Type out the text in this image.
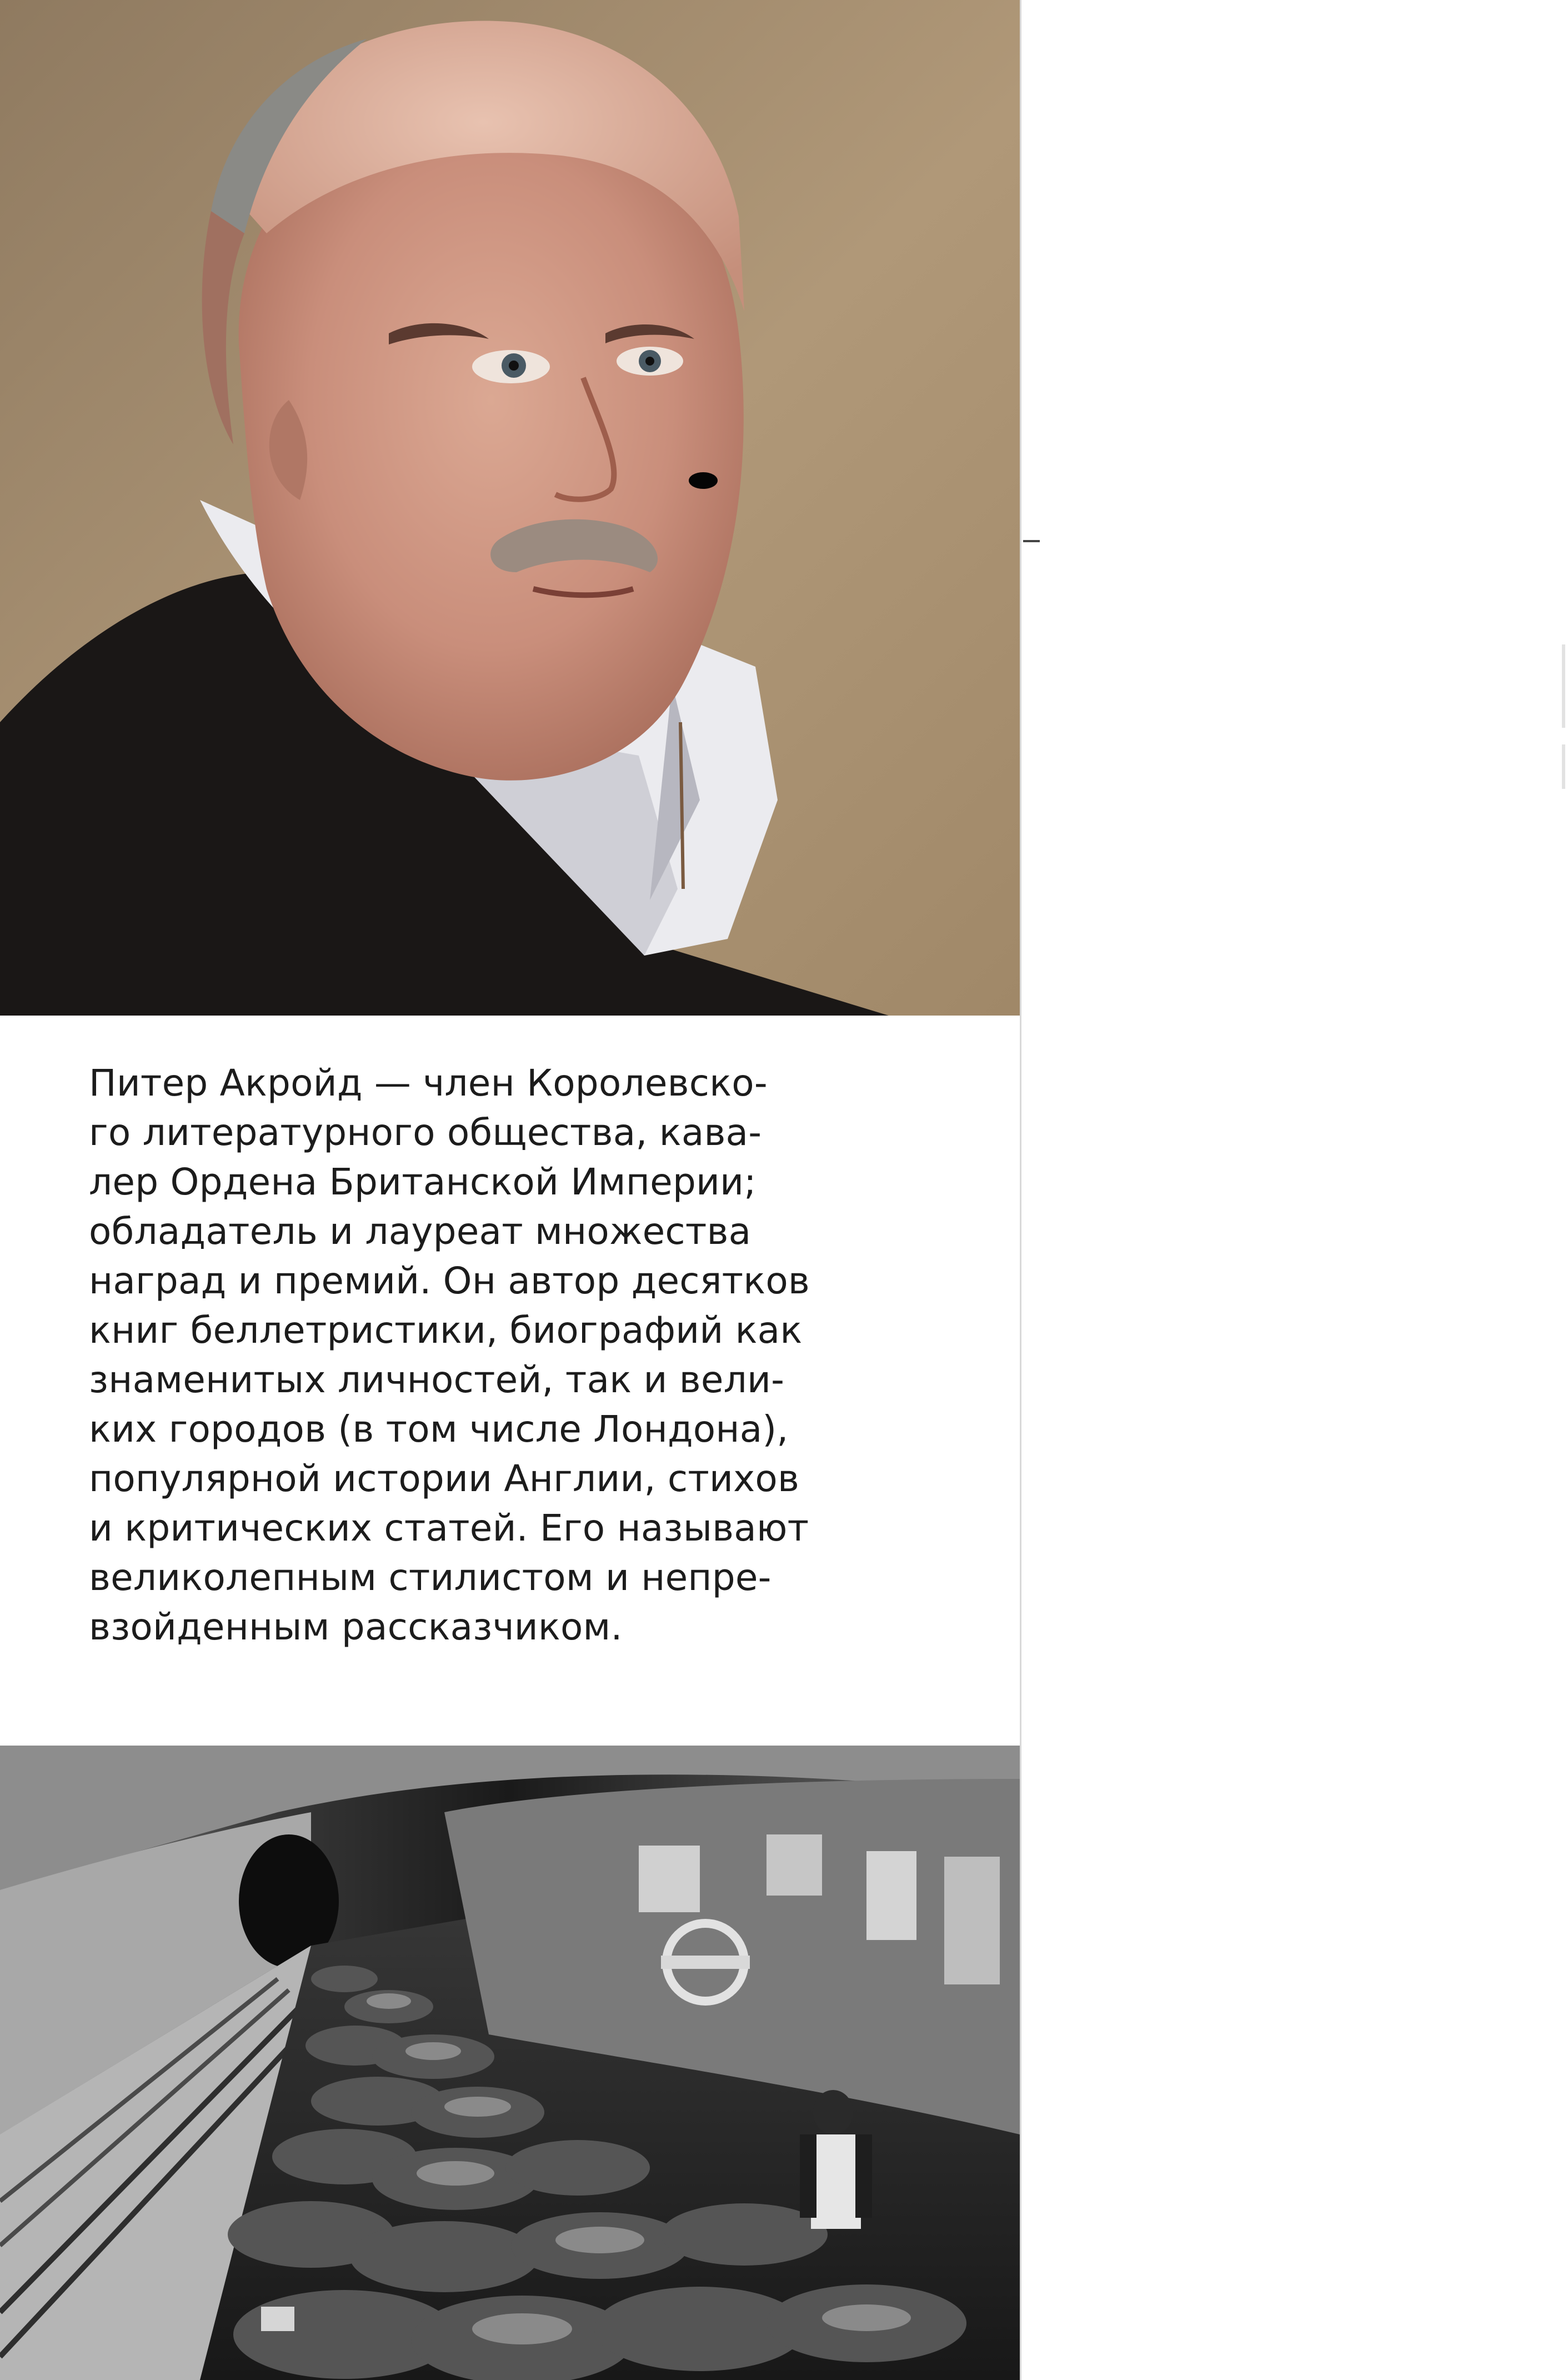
Питер Акройд — член Королевско-
го литературного общества, кава-
лер Ордена Британской Империи;
обладатель и лауреат множества
наград и премий. Он автор десятков
книг беллетристики, биографий как
знаменитых личностей, так и вели-
ких городов (в том числе Лондона),
популярной истории Англии, стихов
и критических статей. Его называют
великолепным стилистом и непре-
взойденным рассказчиком.
